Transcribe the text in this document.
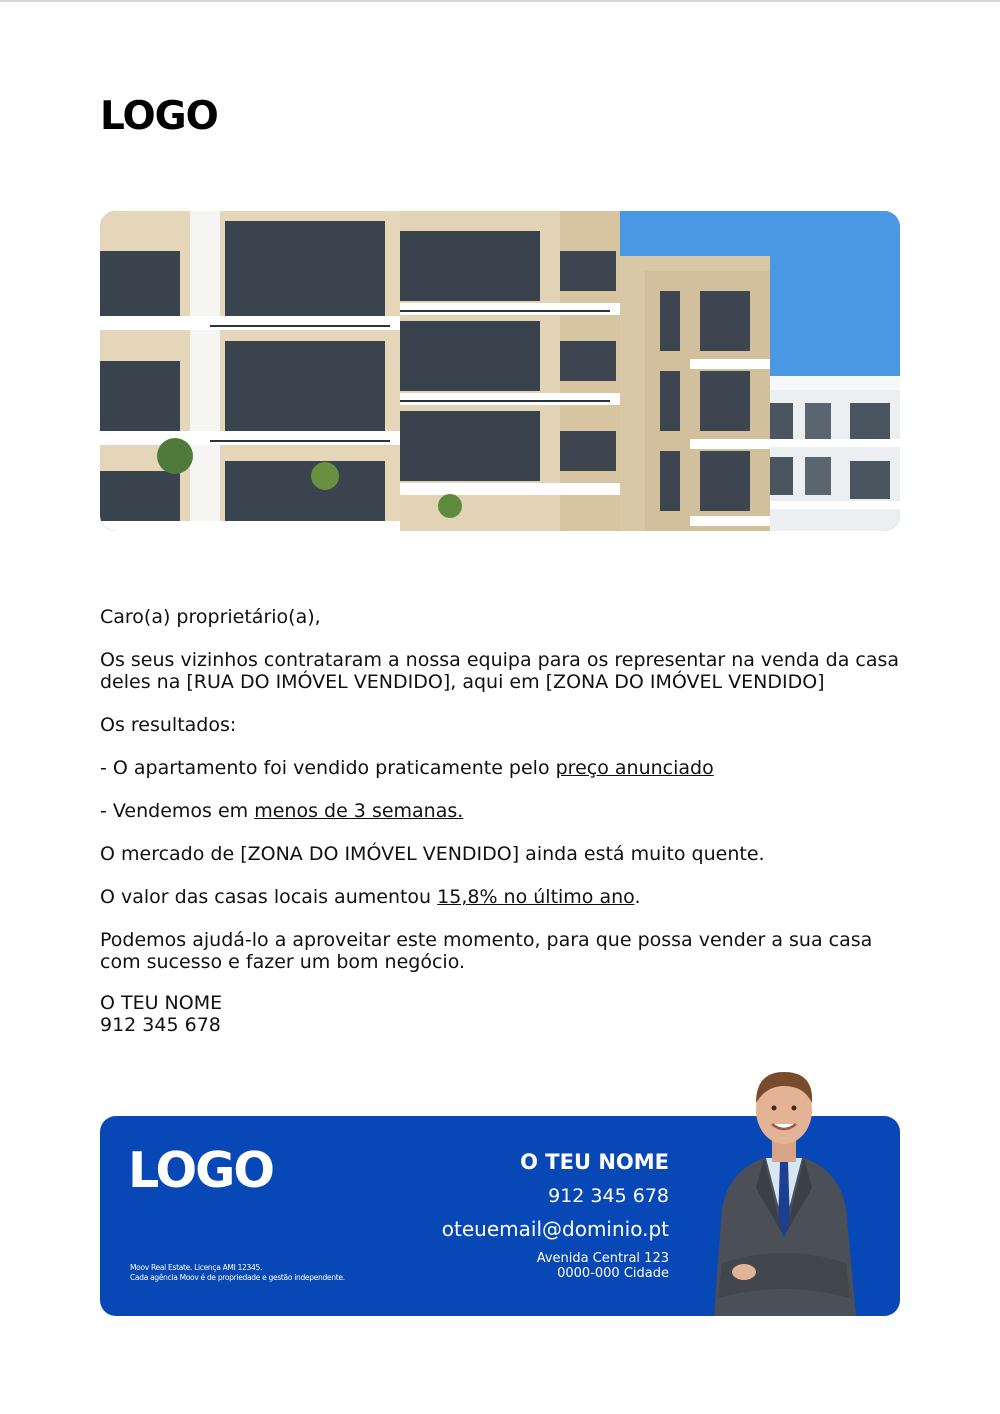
LOGO

Caro(a) proprietário(a),

Os seus vizinhos contrataram a nossa equipa para os representar na venda da casa deles na [RUA DO IMÓVEL VENDIDO], aqui em [ZONA DO IMÓVEL VENDIDO]

Os resultados:

- O apartamento foi vendido praticamente pelo preço anunciado

- Vendemos em menos de 3 semanas.

O mercado de [ZONA DO IMÓVEL VENDIDO] ainda está muito quente.

O valor das casas locais aumentou 15,8% no último ano.

Podemos ajudá-lo a aproveitar este momento, para que possa vender a sua casa com sucesso e fazer um bom negócio.

O TEU NOME
912 345 678
LOGO
Moov Real Estate. Licença AMI 12345.
Cada agência Moov é de propriedade e gestão independente.
O TEU NOME
912 345 678
oteuemail@dominio.pt
Avenida Central 123
0000-000 Cidade
